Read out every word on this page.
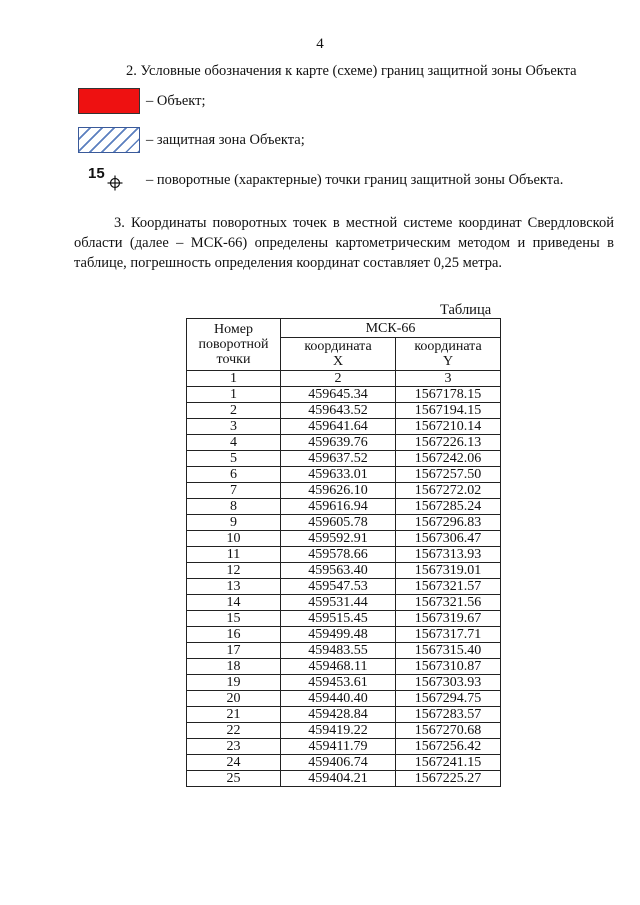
4
2. Условные обозначения к карте (схеме) границ защитной зоны Объекта
– Объект;
– защитная зона Объекта;
15	– поворотные (характерные) точки границ защитной зоны Объекта.
3. Координаты поворотных точек в местной системе координат Свердловской области (далее – МСК-66) определены картометрическим методом и приведены в таблице, погрешность определения координат составляет 0,25 метра.
Таблица
Номер поворотной точки	МСК-66	
	координата X	координата Y
1	2	3
1	459645.34	1567178.15
2	459643.52	1567194.15
3	459641.64	1567210.14
4	459639.76	1567226.13
5	459637.52	1567242.06
6	459633.01	1567257.50
7	459626.10	1567272.02
8	459616.94	1567285.24
9	459605.78	1567296.83
10	459592.91	1567306.47
11	459578.66	1567313.93
12	459563.40	1567319.01
13	459547.53	1567321.57
14	459531.44	1567321.56
15	459515.45	1567319.67
16	459499.48	1567317.71
17	459483.55	1567315.40
18	459468.11	1567310.87
19	459453.61	1567303.93
20	459440.40	1567294.75
21	459428.84	1567283.57
22	459419.22	1567270.68
23	459411.79	1567256.42
24	459406.74	1567241.15
25	459404.21	1567225.27
